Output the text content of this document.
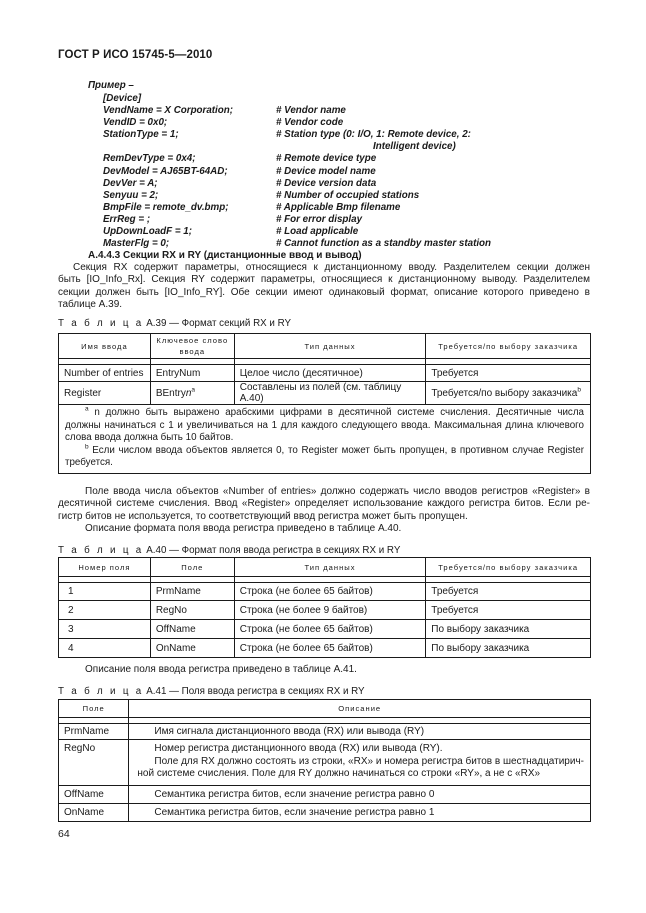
ГОСТ Р ИСО 15745-5—2010
Пример –
[Device]
VendName = X Corporation;	# Vendor name
VendID = 0x0;	# Vendor code
StationType = 1;	# Station type (0: I/O, 1: Remote device, 2:
Intelligent device)
RemDevType = 0x4;	# Remote device type
DevModel = AJ65BT-64AD;	# Device model name
DevVer = A;	# Device version data
Senyuu = 2;	# Number of occupied stations
BmpFile = remote_dv.bmp;	# Applicable Bmp filename
ErrReg = ;	# For error display
UpDownLoadF = 1;	# Load applicable
MasterFlg = 0;	# Cannot function as a standby master station
A.4.4.3 Секции RX и RY (дистанционные ввод и вывод)
Секция RX содержит параметры, относящиеся к дистанционному вводу. Разделителем секции должен
быть [IO_Info_Rx]. Секция RY содержит параметры, относящиеся к дистанционному выводу. Разделителем
секции должен быть [IO_Info_RY]. Обе секции имеют одинаковый формат, описание которого приведено в
таблице A.39.
Т а б л и ц а A.39 — Формат секций RX и RY
Имя ввода	Ключевое слово ввода	Тип данных	Требуется/по выбору заказчика

Number of entries	EntryNum	Целое число (десятичное)	Требуется
Register	BEntryn$^a$	Составлены из полей (см. таблицу A.40)	Требуется/по выбору заказчика$^b$

$^a$ n должно быть выражено арабскими цифрами в десятичной системе счисления. Десятичные числа
должны начинаться с 1 и увеличиваться на 1 для каждого следующего ввода. Максимальная длина ключевого
слова ввода должна быть 10 байтов.
$^b$ Если числом ввода объектов является 0, то Register может быть пропущен, в противном случае Register
требуется.			
Поле ввода числа объектов «Number of entries» должно содержать число вводов регистров «Register» в
десятичной системе счисления. Ввод «Register» определяет использование каждого регистра битов. Если ре-
гистр битов не используется, то соответствующий ввод регистра может быть пропущен.
Описание формата поля ввода регистра приведено в таблице A.40.
Т а б л и ц а A.40 — Формат поля ввода регистра в секциях RX и RY
Номер поля	Поле	Тип данных	Требуется/по выбору заказчика

1	PrmName	Строка (не более 65 байтов)	Требуется
2	RegNo	Строка (не более 9 байтов)	Требуется
3	OffName	Строка (не более 65 байтов)	По выбору заказчика
4	OnName	Строка (не более 65 байтов)	По выбору заказчика
Описание поля ввода регистра приведено в таблице A.41.
Т а б л и ц а A.41 — Поля ввода регистра в секциях RX и RY
Поле	Описание

PrmName	Имя сигнала дистанционного ввода (RX) или вывода (RY)
RegNo	Номер регистра дистанционного ввода (RX) или вывода (RY).
Поле для RX должно состоять из строки, «RX» и номера регистра битов в шестнадцатирич-
ной системе счисления. Поле для RY должно начинаться со строки «RY», а не с «RX»

OffName	Семантика регистра битов, если значение регистра равно 0
OnName	Семантика регистра битов, если значение регистра равно 1
64
